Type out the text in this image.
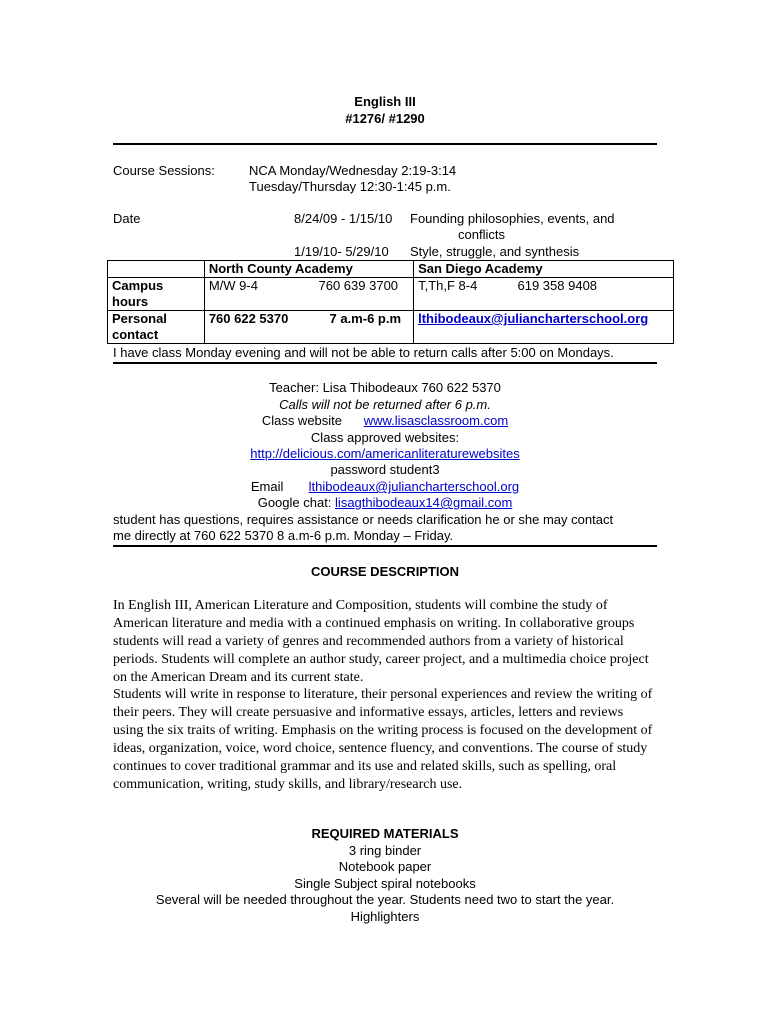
English III
#1276/ #1290
Course Sessions:	NCA Monday/Wednesday 2:19-3:14
Tuesday/Thursday 12:30-1:45 p.m.
Date	8/24/09 - 1/15/10 Founding philosophies, events, and
conflicts
1/19/10- 5/29/10 Style, struggle, and synthesis
	North County Academy	San Diego Academy
Campus
hours	M/W 9-4 760 639 3700	T,Th,F 8-4 619 358 9408

Personal
contact	760 622 5370 7 a.m-6 p.m	lthibodeaux@juliancharterschool.org
I have class Monday evening and will not be able to return calls after 5:00 on Mondays.
Teacher: Lisa Thibodeaux 760 622 5370
Calls will not be returned after 6 p.m.
Class website www.lisasclassroom.com
Class approved websites:
http://delicious.com/americanliteraturewebsites
password student3
Email lthibodeaux@juliancharterschool.org
Google chat: lisagthibodeaux14@gmail.com
student has questions, requires assistance or needs clarification he or she may contact
me directly at 760 622 5370 8 a.m-6 p.m. Monday – Friday.
COURSE DESCRIPTION
In English III, American Literature and Composition, students will combine the study of American literature and media with a continued emphasis on writing. In collaborative groups students will read a variety of genres and recommended authors from a variety of historical periods. Students will complete an author study, career project, and a multimedia choice project on the American Dream and its current state.
Students will write in response to literature, their personal experiences and review the writing of their peers. They will create persuasive and informative essays, articles, letters and reviews using the six traits of writing. Emphasis on the writing process is focused on the development of ideas, organization, voice, word choice, sentence fluency, and conventions. The course of study continues to cover traditional grammar and its use and related skills, such as spelling, oral communication, writing, study skills, and library/research use.
REQUIRED MATERIALS
3 ring binder
Notebook paper
Single Subject spiral notebooks
Several will be needed throughout the year. Students need two to start the year.
Highlighters
